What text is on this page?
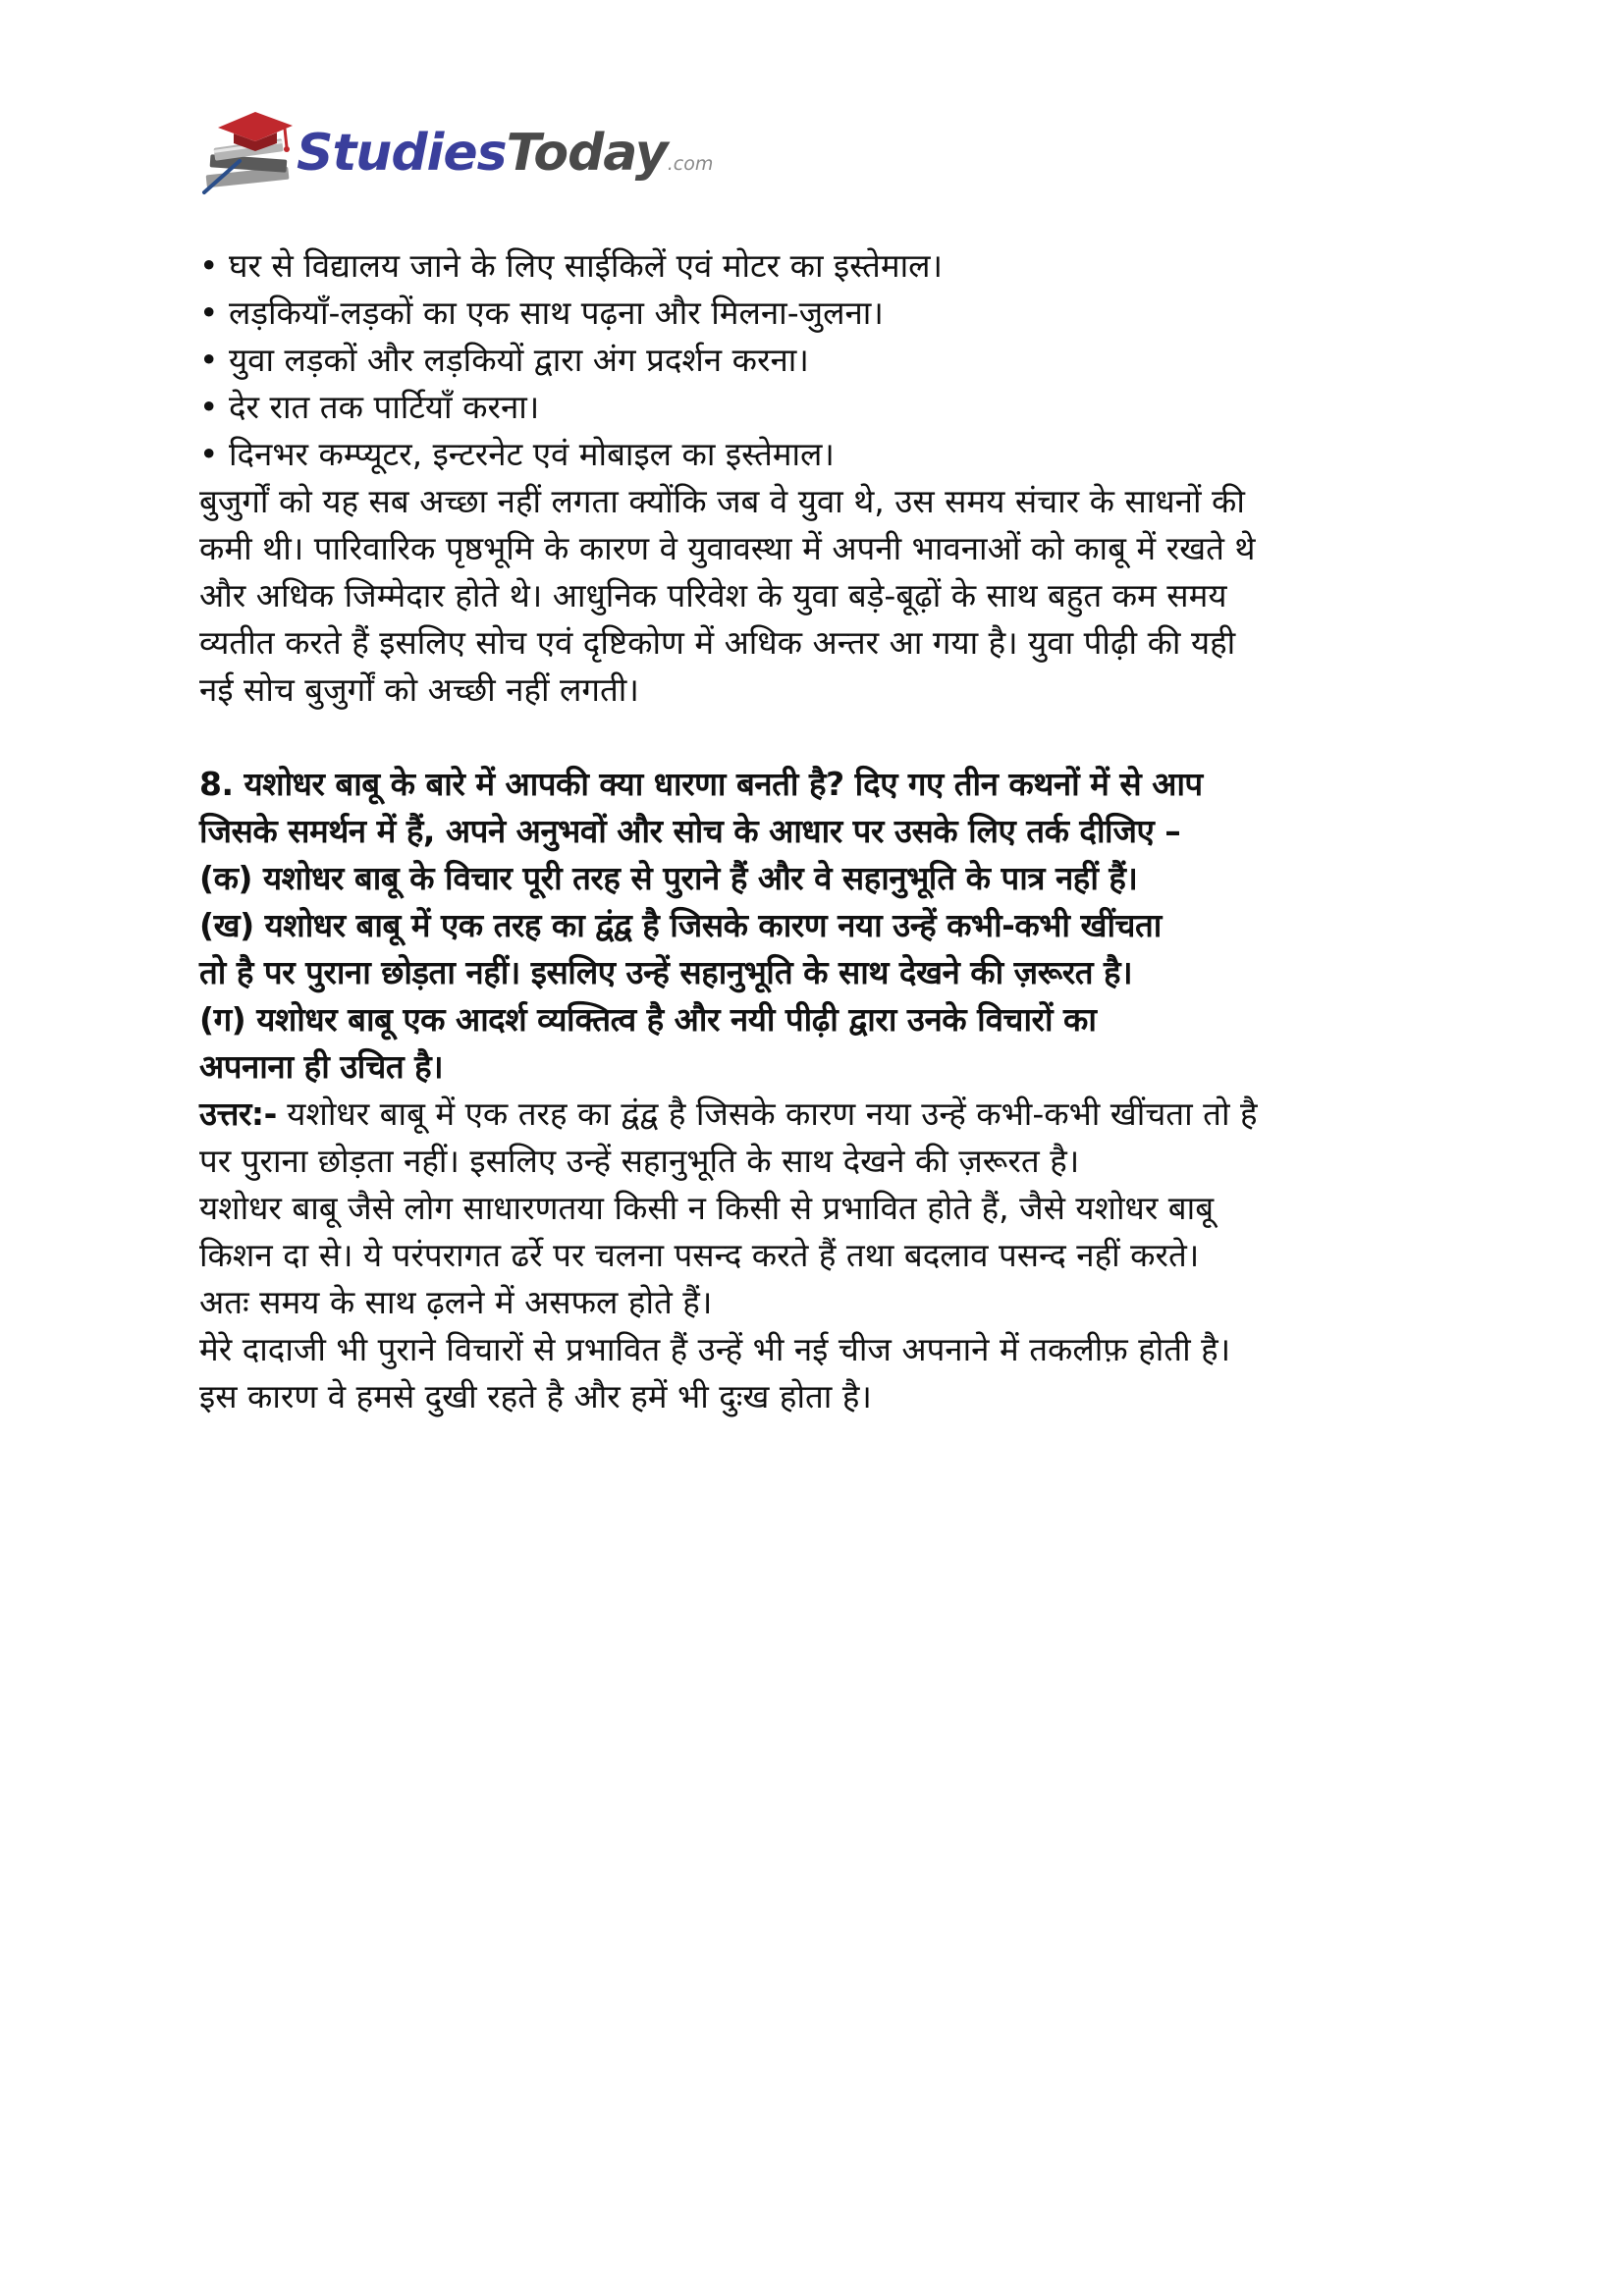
StudiesToday.com
• घर से विद्यालय जाने के लिए साईकिलें एवं मोटर का इस्तेमाल।
• लड़कियाँ-लड़कों का एक साथ पढ़ना और मिलना-जुलना।
• युवा लड़कों और लड़कियों द्वारा अंग प्रदर्शन करना।
• देर रात तक पार्टियाँ करना।
• दिनभर कम्प्यूटर, इन्टरनेट एवं मोबाइल का इस्तेमाल।
बुजुर्गों को यह सब अच्छा नहीं लगता क्योंकि जब वे युवा थे, उस समय संचार के साधनों की
कमी थी। पारिवारिक पृष्ठभूमि के कारण वे युवावस्था में अपनी भावनाओं को काबू में रखते थे
और अधिक जिम्मेदार होते थे। आधुनिक परिवेश के युवा बड़े-बूढ़ों के साथ बहुत कम समय
व्यतीत करते हैं इसलिए सोच एवं दृष्टिकोण में अधिक अन्तर आ गया है। युवा पीढ़ी की यही
नई सोच बुजुर्गों को अच्छी नहीं लगती।
8. यशोधर बाबू के बारे में आपकी क्या धारणा बनती है? दिए गए तीन कथनों में से आप
जिसके समर्थन में हैं, अपने अनुभवों और सोच के आधार पर उसके लिए तर्क दीजिए –
(क) यशोधर बाबू के विचार पूरी तरह से पुराने हैं और वे सहानुभूति के पात्र नहीं हैं।
(ख) यशोधर बाबू में एक तरह का द्वंद्व है जिसके कारण नया उन्हें कभी-कभी खींचता
तो है पर पुराना छोड़ता नहीं। इसलिए उन्हें सहानुभूति के साथ देखने की ज़रूरत है।
(ग) यशोधर बाबू एक आदर्श व्यक्तित्व है और नयी पीढ़ी द्वारा उनके विचारों का
अपनाना ही उचित है।
उत्तर:- यशोधर बाबू में एक तरह का द्वंद्व है जिसके कारण नया उन्हें कभी-कभी खींचता तो है
पर पुराना छोड़ता नहीं। इसलिए उन्हें सहानुभूति के साथ देखने की ज़रूरत है।
यशोधर बाबू जैसे लोग साधारणतया किसी न किसी से प्रभावित होते हैं, जैसे यशोधर बाबू
किशन दा से। ये परंपरागत ढर्रे पर चलना पसन्द करते हैं तथा बदलाव पसन्द नहीं करते।
अतः समय के साथ ढ़लने में असफल होते हैं।
मेरे दादाजी भी पुराने विचारों से प्रभावित हैं उन्हें भी नई चीज अपनाने में तकलीफ़ होती है।
इस कारण वे हमसे दुखी रहते है और हमें भी दुःख होता है।
